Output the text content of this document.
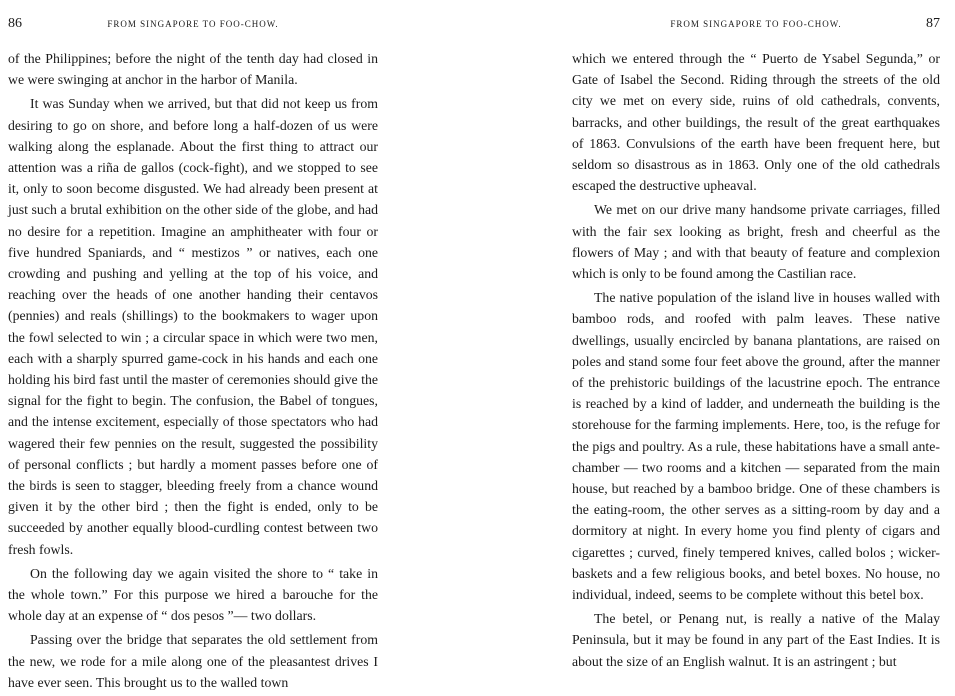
86	FROM SINGAPORE TO FOO-CHOW.

of the Philippines; before the night of the tenth day had closed in we were swinging at anchor in the harbor of Manila.

It was Sunday when we arrived, but that did not keep us from desiring to go on shore, and before long a half-dozen of us were walking along the esplanade. About the first thing to attract our attention was a riña de gallos (cock-fight), and we stopped to see it, only to soon become disgusted. We had already been present at just such a brutal exhibition on the other side of the globe, and had no desire for a repetition. Imagine an amphitheater with four or five hundred Spaniards, and “ mestizos ” or natives, each one crowding and pushing and yelling at the top of his voice, and reaching over the heads of one another handing their centavos (pennies) and reals (shillings) to the bookmakers to wager upon the fowl selected to win ; a circular space in which were two men, each with a sharply spurred game-cock in his hands and each one holding his bird fast until the master of ceremonies should give the signal for the fight to begin. The confusion, the Babel of tongues, and the intense excitement, especially of those spectators who had wagered their few pennies on the result, suggested the possibility of personal conflicts ; but hardly a moment passes before one of the birds is seen to stagger, bleeding freely from a chance wound given it by the other bird ; then the fight is ended, only to be succeeded by another equally blood-curdling contest between two fresh fowls.

On the following day we again visited the shore to “ take in the whole town.” For this purpose we hired a barouche for the whole day at an expense of “ dos pesos ”— two dollars.

Passing over the bridge that separates the old settlement from the new, we rode for a mile along one of the pleasantest drives I have ever seen. This brought us to the walled town

FROM SINGAPORE TO FOO-CHOW.	87

which we entered through the “ Puerto de Ysabel Segunda,” or Gate of Isabel the Second. Riding through the streets of the old city we met on every side, ruins of old cathedrals, convents, barracks, and other buildings, the result of the great earthquakes of 1863. Convulsions of the earth have been frequent here, but seldom so disastrous as in 1863. Only one of the old cathedrals escaped the destructive upheaval.

We met on our drive many handsome private carriages, filled with the fair sex looking as bright, fresh and cheerful as the flowers of May ; and with that beauty of feature and complexion which is only to be found among the Castilian race.

The native population of the island live in houses walled with bamboo rods, and roofed with palm leaves. These native dwellings, usually encircled by banana plantations, are raised on poles and stand some four feet above the ground, after the manner of the prehistoric buildings of the lacustrine epoch. The entrance is reached by a kind of ladder, and underneath the building is the storehouse for the farming implements. Here, too, is the refuge for the pigs and poultry. As a rule, these habitations have a small ante-chamber — two rooms and a kitchen — separated from the main house, but reached by a bamboo bridge. One of these chambers is the eating-room, the other serves as a sitting-room by day and a dormitory at night. In every home you find plenty of cigars and cigarettes ; curved, finely tempered knives, called bolos ; wicker-baskets and a few religious books, and betel boxes. No house, no individual, indeed, seems to be complete without this betel box.

The betel, or Penang nut, is really a native of the Malay Peninsula, but it may be found in any part of the East Indies. It is about the size of an English walnut. It is an astringent ; but
